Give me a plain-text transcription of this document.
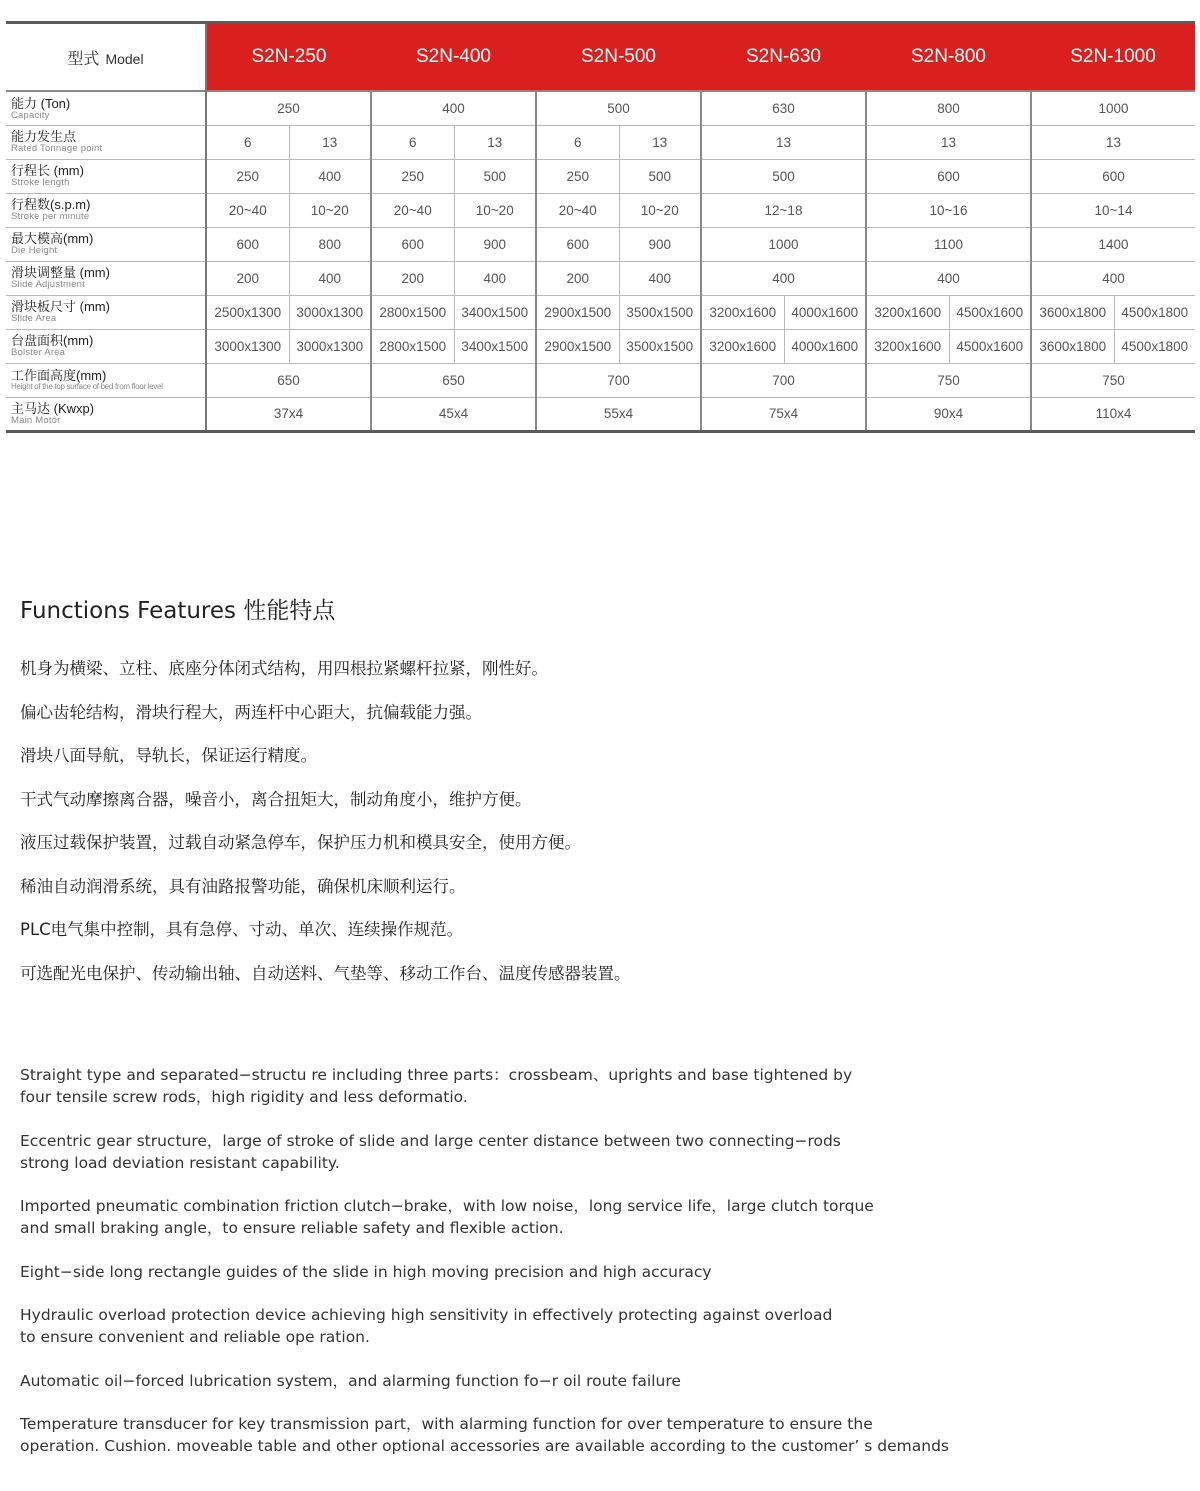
型式 Model	S2N-250		S2N-400		S2N-500		S2N-630		S2N-800		S2N-1000	

能力 (Ton)
Capacity	250		400		500		630		800		1000	

能力发生点
Rated Tonnage point	6	13	6	13	6	13	13		13		13	

行程长 (mm)
Stroke length	250	400	250	500	250	500	500		600		600	

行程数(s.p.m)
Stroke per minute	20~40	10~20	20~40	10~20	20~40	10~20	12~18		10~16		10~14	

最大模高(mm)
Die Height	600	800	600	900	600	900	1000		1100		1400	

滑块调整量 (mm)
Slide Adjustment	200	400	200	400	200	400	400		400		400	

滑块板尺寸 (mm)
Slide Area	2500x1300	3000x1300	2800x1500	3400x1500	2900x1500	3500x1500	3200x1600	4000x1600	3200x1600	4500x1600	3600x1800	4500x1800

台盘面积(mm)
Bolster Area	3000x1300	3000x1300	2800x1500	3400x1500	2900x1500	3500x1500	3200x1600	4000x1600	3200x1600	4500x1600	3600x1800	4500x1800

工作面高度(mm)
Height of the top surface of bed from floor level	650		650		700		700		750		750	

主马达 (Kwxp)
Main Motor	37x4		45x4		55x4		75x4		90x4		110x4	
Functions Features 性能特点
机身为横梁、立柱、底座分体闭式结构，用四根拉紧螺杆拉紧，刚性好。
偏心齿轮结构，滑块行程大，两连杆中心距大，抗偏载能力强。
滑块八面导航，导轨长，保证运行精度。
干式气动摩擦离合器，噪音小，离合扭矩大，制动角度小，维护方便。
液压过载保护装置，过载自动紧急停车，保护压力机和模具安全，使用方便。
稀油自动润滑系统，具有油路报警功能，确保机床顺利运行。
PLC电气集中控制，具有急停、寸动、单次、连续操作规范。
可选配光电保护、传动输出轴、自动送料、气垫等、移动工作台、温度传感器装置。
Straight type and separated−structu re including three parts：crossbeam、uprights and base tightened by
four tensile screw rods，high rigidity and less deformatio.
Eccentric gear structure，large of stroke of slide and large center distance between two connecting−rods
strong load deviation resistant capability.
Imported pneumatic combination friction clutch−brake，with low noise，long service life，large clutch torque
and small braking angle，to ensure reliable safety and flexible action.
Eight−side long rectangle guides of the slide in high moving precision and high accuracy
Hydraulic overload protection device achieving high sensitivity in effectively protecting against overload
to ensure convenient and reliable ope ration.
Automatic oil−forced lubrication system，and alarming function fo−r oil route failure
Temperature transducer for key transmission part，with alarming function for over temperature to ensure the
operation. Cushion. moveable table and other optional accessories are available according to the customer’ s demands
